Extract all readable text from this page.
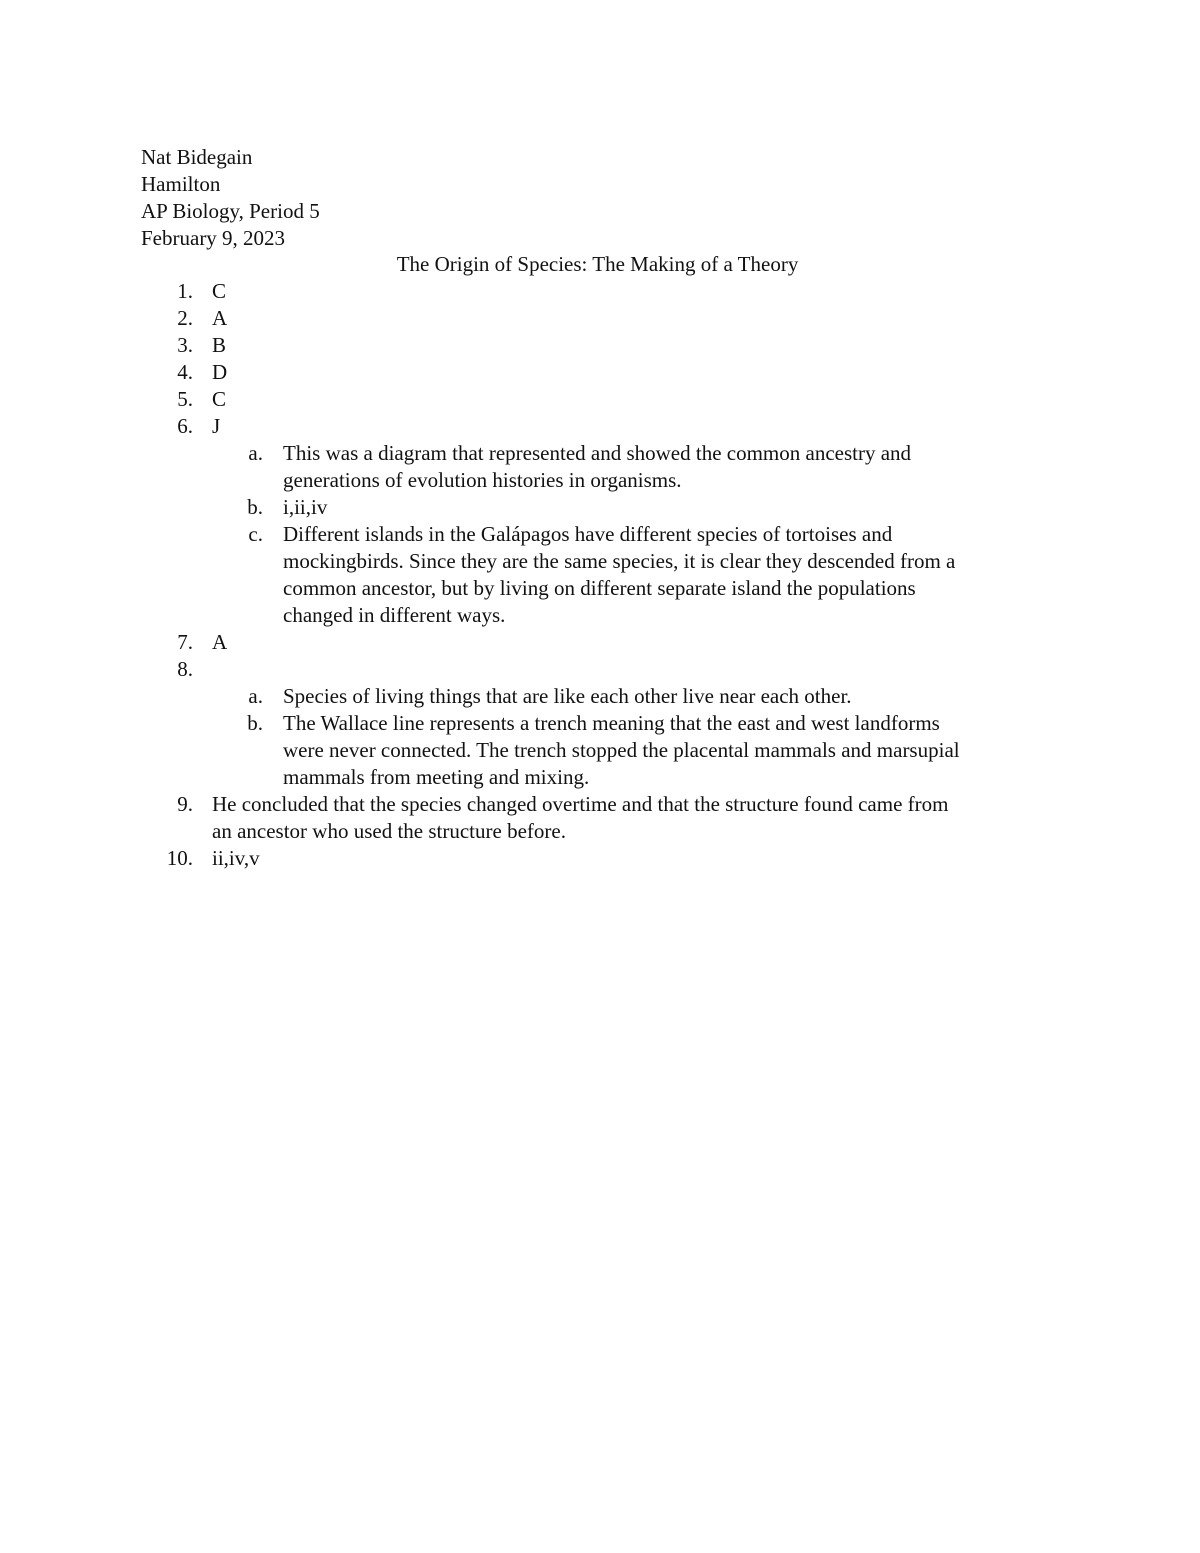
Nat Bidegain
Hamilton
AP Biology, Period 5
February 9, 2023
The Origin of Species: The Making of a Theory
1. C
2. A
3. B
4. D
5. C
6. J
a. This was a diagram that represented and showed the common ancestry and
generations of evolution histories in organisms.
b. i,ii,iv
c. Different islands in the Galápagos have different species of tortoises and
mockingbirds. Since they are the same species, it is clear they descended from a
common ancestor, but by living on different separate island the populations
changed in different ways.
7. A
8.
a. Species of living things that are like each other live near each other.
b. The Wallace line represents a trench meaning that the east and west landforms
were never connected. The trench stopped the placental mammals and marsupial
mammals from meeting and mixing.
9. He concluded that the species changed overtime and that the structure found came from
an ancestor who used the structure before.
10. ii,iv,v
